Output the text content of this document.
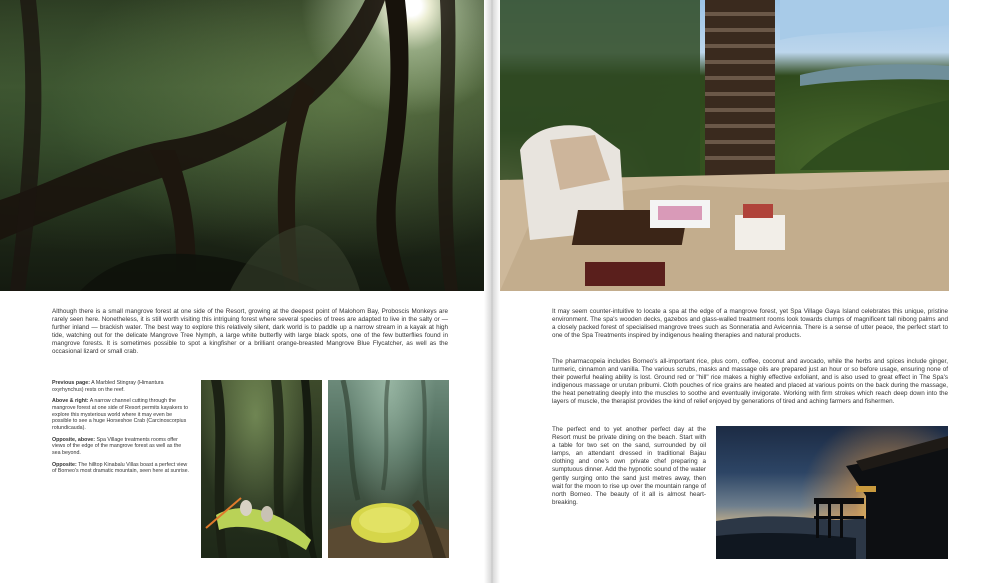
Although there is a small mangrove forest at one side of the Resort, growing at the deepest point of Malohom Bay, Proboscis Monkeys are rarely seen here. Nonetheless, it is still worth visiting this intriguing forest where several species of trees are adapted to live in the salty or — further inland — brackish water. The best way to explore this relatively silent, dark world is to paddle up a narrow stream in a kayak at high tide, watching out for the delicate Mangrove Tree Nymph, a large white butterfly with large black spots, one of the few butterflies found in mangrove forests. It is sometimes possible to spot a kingfisher or a brilliant orange-breasted Mangrove Blue Flycatcher, as well as the occasional lizard or small crab.

Previous page: A Marbled Stingray (Himantura oxyrhynchus) rests on the reef.

Above & right: A narrow channel cutting through the mangrove forest at one side of Resort permits kayakers to explore this mysterious world where it may even be possible to see a huge Horseshoe Crab (Carcinoscorpius rotundicauda).

Opposite, above: Spa Village treatments rooms offer views of the edge of the mangrove forest as well as the sea beyond.

Opposite: The hilltop Kinabalu Villas boast a perfect view of Borneo's most dramatic mountain, seen here at sunrise.

It may seem counter-intuitive to locate a spa at the edge of a mangrove forest, yet Spa Village Gaya Island celebrates this unique, pristine environment. The spa's wooden decks, gazebos and glass-walled treatment rooms look towards clumps of magnificent tall nibong palms and a closely packed forest of specialised mangrove trees such as Sonneratia and Avicennia. There is a sense of utter peace, the perfect start to one of the Spa Treatments inspired by indigenous healing therapies and natural products.
The pharmacopeia includes Borneo's all-important rice, plus corn, coffee, coconut and avocado, while the herbs and spices include ginger, turmeric, cinnamon and vanilla. The various scrubs, masks and massage oils are prepared just an hour or so before usage, ensuring none of their powerful healing ability is lost. Ground red or "hill" rice makes a highly effective exfoliant, and is also used to great effect in The Spa's indigenous massage or urutan pribumi. Cloth pouches of rice grains are heated and placed at various points on the back during the massage, the heat penetrating deeply into the muscles to soothe and eventually invigorate. Working with firm strokes which reach deep down into the layers of muscle, the therapist provides the kind of relief enjoyed by generations of tired and aching farmers and fishermen.
The perfect end to yet another perfect day at the Resort must be private dining on the beach. Start with a table for two set on the sand, surrounded by oil lamps, an attendant dressed in traditional Bajau clothing and one's own private chef preparing a sumptuous dinner. Add the hypnotic sound of the water gently surging onto the sand just metres away, then wait for the moon to rise up over the mountain range of north Borneo. The beauty of it all is almost heart-breaking.
